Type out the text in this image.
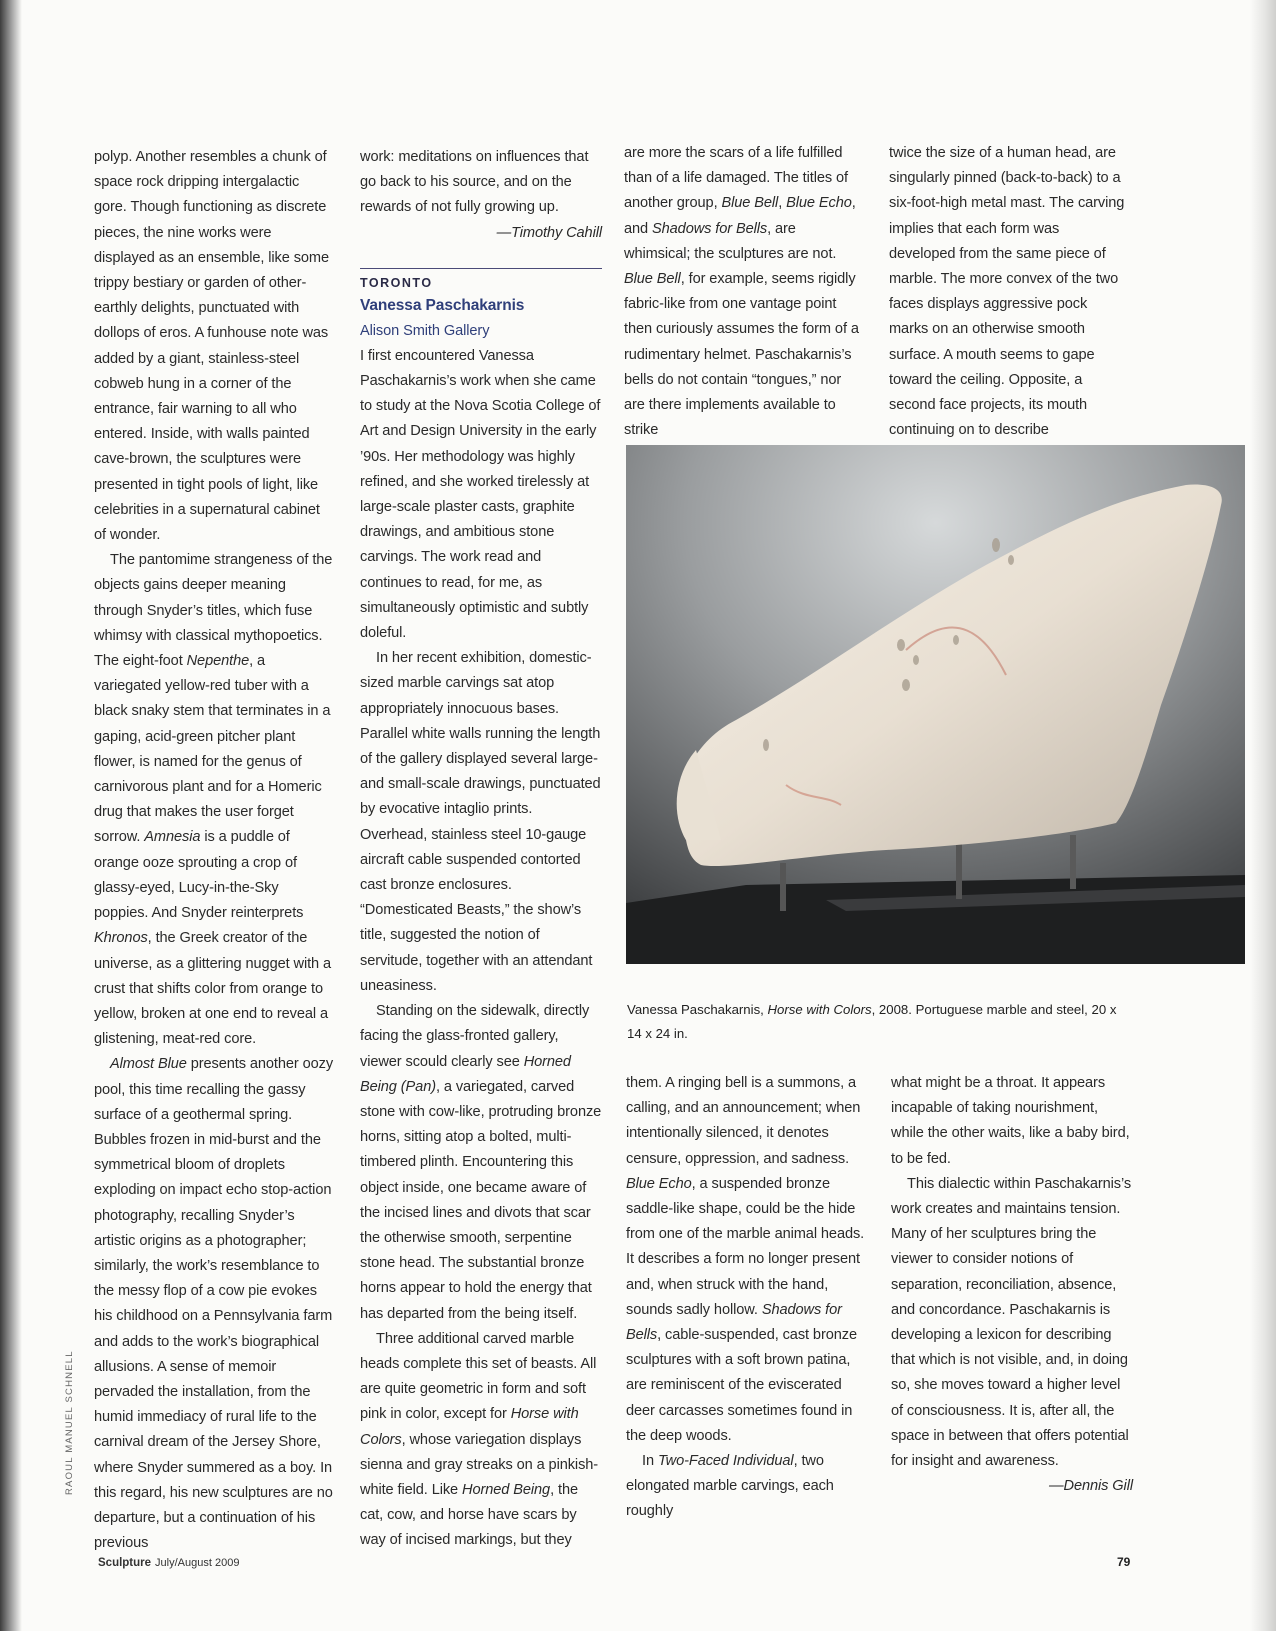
polyp. Another resembles a chunk of space rock dripping intergalactic gore. Though functioning as discrete pieces, the nine works were displayed as an ensemble, like some trippy bestiary or garden of other-earthly delights, punctuated with dollops of eros. A funhouse note was added by a giant, stainless-steel cobweb hung in a corner of the entrance, fair warning to all who entered. Inside, with walls painted cave-brown, the sculptures were presented in tight pools of light, like celebrities in a supernatural cabinet of wonder.

The pantomime strangeness of the objects gains deeper meaning through Snyder’s titles, which fuse whimsy with classical mythopoetics. The eight-foot Nepenthe, a variegated yellow-red tuber with a black snaky stem that terminates in a gaping, acid-green pitcher plant flower, is named for the genus of carnivorous plant and for a Homeric drug that makes the user forget sorrow. Amnesia is a puddle of orange ooze sprouting a crop of glassy-eyed, Lucy-in-the-Sky poppies. And Snyder reinterprets Khronos, the Greek creator of the universe, as a glittering nugget with a crust that shifts color from orange to yellow, broken at one end to reveal a glistening, meat-red core.

Almost Blue presents another oozy pool, this time recalling the gassy surface of a geothermal spring. Bubbles frozen in mid-burst and the symmetrical bloom of droplets exploding on impact echo stop-action photography, recalling Snyder’s artistic origins as a photographer; similarly, the work’s resemblance to the messy flop of a cow pie evokes his childhood on a Pennsylvania farm and adds to the work’s biographical allusions. A sense of memoir pervaded the installation, from the humid immediacy of rural life to the carnival dream of the Jersey Shore, where Snyder summered as a boy. In this regard, his new sculptures are no departure, but a continuation of his previous

work: meditations on influences that go back to his source, and on the rewards of not fully growing up.

—Timothy Cahill

TORONTO
Vanessa Paschakarnis
Alison Smith Gallery

I first encountered Vanessa Paschakarnis’s work when she came to study at the Nova Scotia College of Art and Design University in the early ’90s. Her methodology was highly refined, and she worked tirelessly at large-scale plaster casts, graphite drawings, and ambitious stone carvings. The work read and continues to read, for me, as simultaneously optimistic and subtly doleful.

In her recent exhibition, domestic-sized marble carvings sat atop appropriately innocuous bases. Parallel white walls running the length of the gallery displayed several large- and small-scale drawings, punctuated by evocative intaglio prints. Overhead, stainless steel 10-gauge aircraft cable suspended contorted cast bronze enclosures. “Domesticated Beasts,” the show’s title, suggested the notion of servitude, together with an attendant uneasiness.

Standing on the sidewalk, directly facing the glass-fronted gallery, viewer scould clearly see Horned Being (Pan), a variegated, carved stone with cow-like, protruding bronze horns, sitting atop a bolted, multi-timbered plinth. Encountering this object inside, one became aware of the incised lines and divots that scar the otherwise smooth, serpentine stone head. The substantial bronze horns appear to hold the energy that has departed from the being itself.

Three additional carved marble heads complete this set of beasts. All are quite geometric in form and soft pink in color, except for Horse with Colors, whose variegation displays sienna and gray streaks on a pinkish-white field. Like Horned Being, the cat, cow, and horse have scars by way of incised markings, but they

are more the scars of a life fulfilled than of a life damaged. The titles of another group, Blue Bell, Blue Echo, and Shadows for Bells, are whimsical; the sculptures are not. Blue Bell, for example, seems rigidly fabric-like from one vantage point then curiously assumes the form of a rudimentary helmet. Paschakarnis’s bells do not contain “tongues,” nor are there implements available to strike

twice the size of a human head, are singularly pinned (back-to-back) to a six-foot-high metal mast. The carving implies that each form was developed from the same piece of marble. The more convex of the two faces displays aggressive pock marks on an otherwise smooth surface. A mouth seems to gape toward the ceiling. Opposite, a second face projects, its mouth continuing on to describe

Vanessa Paschakarnis, Horse with Colors, 2008. Portuguese marble and steel, 20 x 14 x 24 in.

them. A ringing bell is a summons, a calling, and an announcement; when intentionally silenced, it denotes censure, oppression, and sadness. Blue Echo, a suspended bronze saddle-like shape, could be the hide from one of the marble animal heads. It describes a form no longer present and, when struck with the hand, sounds sadly hollow. Shadows for Bells, cable-suspended, cast bronze sculptures with a soft brown patina, are reminiscent of the eviscerated deer carcasses sometimes found in the deep woods.

In Two-Faced Individual, two elongated marble carvings, each roughly

what might be a throat. It appears incapable of taking nourishment, while the other waits, like a baby bird, to be fed.

This dialectic within Paschakarnis’s work creates and maintains tension. Many of her sculptures bring the viewer to consider notions of separation, reconciliation, absence, and concordance. Paschakarnis is developing a lexicon for describing that which is not visible, and, in doing so, she moves toward a higher level of consciousness. It is, after all, the space in between that offers potential for insight and awareness.

—Dennis Gill

RAOUL MANUEL SCHNELL
Sculpture July/August 2009	79
